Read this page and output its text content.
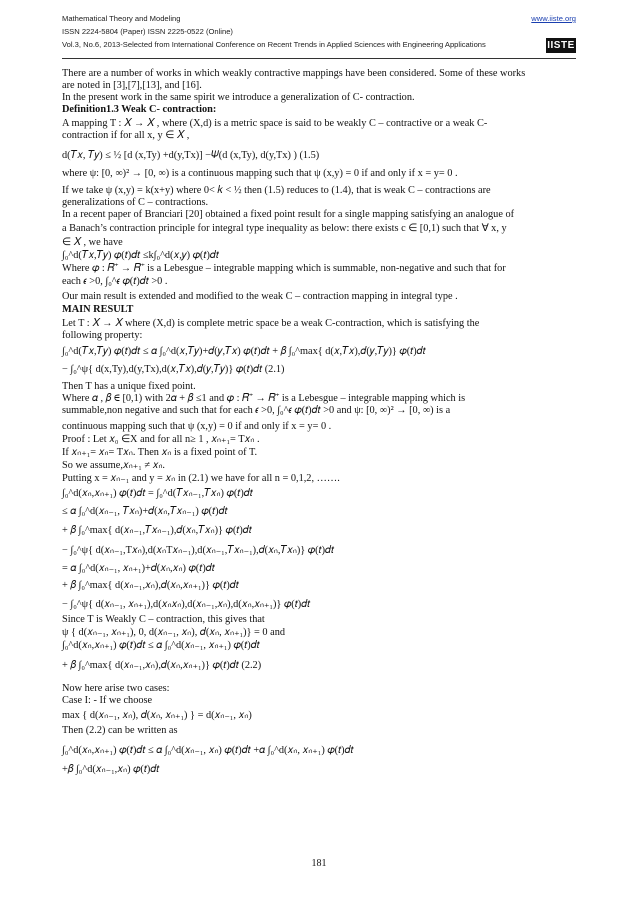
Mathematical Theory and Modeling	www.iiste.org
ISSN 2224-5804 (Paper) ISSN 2225-0522 (Online)
Vol.3, No.6, 2013-Selected from International Conference on Recent Trends in Applied Sciences with Engineering Applications	IISTE
There are a number of works in which weakly contractive mappings have been considered. Some of these works
are noted in [3],[7],[13], and [16].
In the present work in the same spirit we introduce a generalization of C- contraction.
Definition1.3 Weak C- contraction:
A mapping T : 𝑋 → 𝑋 , where (X,d) is a metric space is said to be weakly C – contractive or a weak C-
contraction if for all x, y ∈ 𝑋 ,
d(𝑇𝑥, 𝑇𝑦) ≤ ½ [d (x,Ty) +d(y,Tx)] −𝛹(d (x,Ty), d(y,Tx) ) (1.5)
where ψ: [0, ∞)² → [0, ∞) is a continuous mapping such that ψ (x,y) = 0 if and only if x = y= 0 .
If we take ψ (x,y) = k(x+y) where 0< 𝑘 < ½ then (1.5) reduces to (1.4), that is weak C – contractions are
generalizations of C – contractions.
In a recent paper of Branciari [20] obtained a fixed point result for a single mapping satisfying an analogue of
a Banach’s contraction principle for integral type inequality as below: there exists c ∈ [0,1) such that ∀ x, y
∈ 𝑋 , we have
∫₀^d(𝑇𝑥,𝑇𝑦) 𝜑(𝑡)𝑑𝑡 ≤k∫₀^d(𝑥,𝑦) 𝜑(𝑡)𝑑𝑡
Where 𝜑 : 𝑅⁺ → 𝑅⁺ is a Lebesgue – integrable mapping which is summable, non-negative and such that for
each 𝜖 >0, ∫₀^𝜖 𝜑(𝑡)𝑑𝑡 >0 .
Our main result is extended and modified to the weak C – contraction mapping in integral type .
MAIN RESULT
Let T : 𝑋 → 𝑋 where (X,d) is complete metric space be a weak C-contraction, which is satisfying the
following property:
∫₀^d(𝑇𝑥,𝑇𝑦) 𝜑(𝑡)𝑑𝑡 ≤ 𝛼 ∫₀^d(𝑥,𝑇𝑦)+𝑑(𝑦,𝑇𝑥) 𝜑(𝑡)𝑑𝑡 + 𝛽 ∫₀^max{ d(𝑥,𝑇𝑥),𝑑(𝑦,𝑇𝑦)} 𝜑(𝑡)𝑑𝑡
− ∫₀^ψ{ d(x,Ty),d(y,Tx),d(𝑥,𝑇𝑥),𝑑(𝑦,𝑇𝑦)} 𝜑(𝑡)𝑑𝑡 (2.1)
Then T has a unique fixed point.
Where 𝛼 , 𝛽 ∈ [0,1) with 2𝛼 + 𝛽 ≤1 and 𝜑 : 𝑅⁺ → 𝑅⁺ is a Lebesgue – integrable mapping which is
summable,non negative and such that for each 𝜖 >0, ∫₀^𝜖 𝜑(𝑡)𝑑𝑡 >0 and ψ: [0, ∞)² → [0, ∞) is a
continuous mapping such that ψ (x,y) = 0 if and only if x = y= 0 .
Proof : Let 𝑥₀ ∈X and for all n≥ 1 , 𝑥ₙ₊₁= T𝑥ₙ .
If 𝑥ₙ₊₁= 𝑥ₙ= T𝑥ₙ. Then 𝑥ₙ is a fixed point of T.
So we assume,𝑥ₙ₊₁ ≠ 𝑥ₙ.
Putting x = 𝑥ₙ₋₁ and y = 𝑥ₙ in (2.1) we have for all n = 0,1,2, …….
∫₀^d(𝑥ₙ,𝑥ₙ₊₁) 𝜑(𝑡)𝑑𝑡 = ∫₀^d(𝑇𝑥ₙ₋₁,𝑇𝑥ₙ) 𝜑(𝑡)𝑑𝑡
≤ 𝛼 ∫₀^d(𝑥ₙ₋₁, 𝑇𝑥ₙ)+𝑑(𝑥ₙ,𝑇𝑥ₙ₋₁) 𝜑(𝑡)𝑑𝑡
+ 𝛽 ∫₀^max{ d(𝑥ₙ₋₁,𝑇𝑥ₙ₋₁),𝑑(𝑥ₙ,𝑇𝑥ₙ)} 𝜑(𝑡)𝑑𝑡
− ∫₀^ψ{ d(𝑥ₙ₋₁,T𝑥ₙ),d(𝑥ₙT𝑥ₙ₋₁),d(𝑥ₙ₋₁,𝑇𝑥ₙ₋₁),𝑑(𝑥ₙ,𝑇𝑥ₙ)} 𝜑(𝑡)𝑑𝑡
= 𝛼 ∫₀^d(𝑥ₙ₋₁, 𝑥ₙ₊₁)+𝑑(𝑥ₙ,𝑥ₙ) 𝜑(𝑡)𝑑𝑡
+ 𝛽 ∫₀^max{ d(𝑥ₙ₋₁,𝑥ₙ),𝑑(𝑥ₙ,𝑥ₙ₊₁)} 𝜑(𝑡)𝑑𝑡
− ∫₀^ψ{ d(𝑥ₙ₋₁, 𝑥ₙ₊₁),d(𝑥ₙ𝑥ₙ),d(𝑥ₙ₋₁,𝑥ₙ),d(𝑥ₙ,𝑥ₙ₊₁)} 𝜑(𝑡)𝑑𝑡
Since T is Weakly C – contraction, this gives that
ψ { d(𝑥ₙ₋₁, 𝑥ₙ₊₁), 0, d(𝑥ₙ₋₁, 𝑥ₙ), 𝑑(𝑥ₙ, 𝑥ₙ₊₁)} = 0 and
∫₀^d(𝑥ₙ,𝑥ₙ₊₁) 𝜑(𝑡)𝑑𝑡 ≤ 𝛼 ∫₀^d(𝑥ₙ₋₁, 𝑥ₙ₊₁) 𝜑(𝑡)𝑑𝑡
+ 𝛽 ∫₀^max{ d(𝑥ₙ₋₁,𝑥ₙ),𝑑(𝑥ₙ,𝑥ₙ₊₁)} 𝜑(𝑡)𝑑𝑡 (2.2)
Now here arise two cases:
Case I: - If we choose
max { d(𝑥ₙ₋₁, 𝑥ₙ), 𝑑(𝑥ₙ, 𝑥ₙ₊₁) } = d(𝑥ₙ₋₁, 𝑥ₙ)
Then (2.2) can be written as
∫₀^d(𝑥ₙ,𝑥ₙ₊₁) 𝜑(𝑡)𝑑𝑡 ≤ 𝛼 ∫₀^d(𝑥ₙ₋₁, 𝑥ₙ) 𝜑(𝑡)𝑑𝑡 +𝛼 ∫₀^d(𝑥ₙ, 𝑥ₙ₊₁) 𝜑(𝑡)𝑑𝑡
+𝛽 ∫₀^d(𝑥ₙ₋₁,𝑥ₙ) 𝜑(𝑡)𝑑𝑡
181
